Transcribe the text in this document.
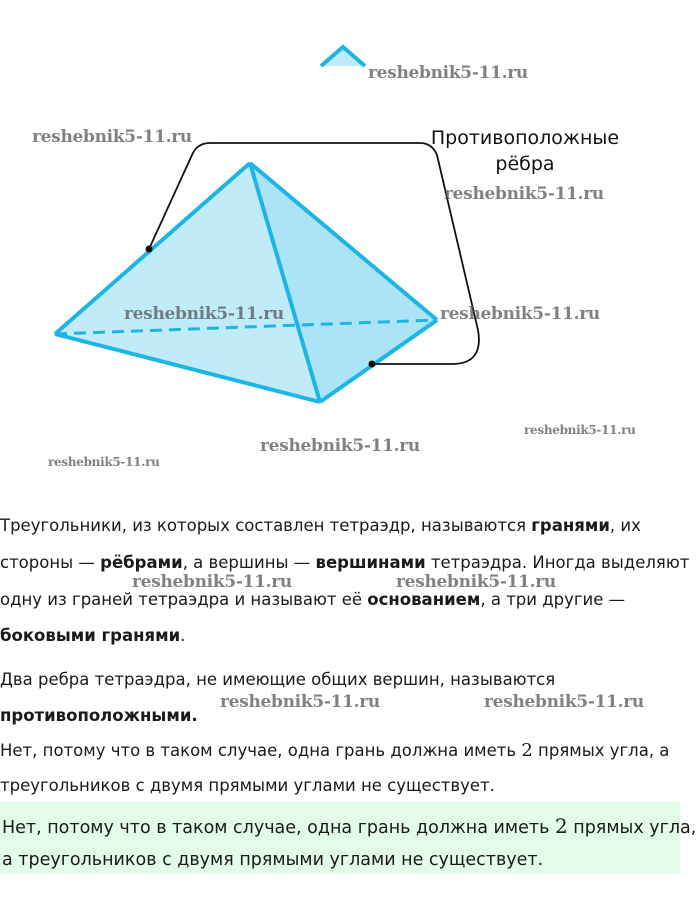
Противоположные
рёбра
reshebnik5-11.ru
reshebnik5-11.ru
reshebnik5-11.ru
reshebnik5-11.ru	reshebnik5-11.ru
reshebnik5-11.ru
reshebnik5-11.ru
reshebnik5-11.ru
Треугольники, из которых составлен тетраэдр, называются гранями, их
стороны — рёбрами, а вершины — вершинами тетраэдра. Иногда выделяют
одну из граней тетраэдра и называют её основанием, а три другие —
боковыми гранями.
reshebnik5-11.ru	reshebnik5-11.ru
Два ребра тетраэдра, не имеющие общих вершин, называются
противоположными.
reshebnik5-11.ru	reshebnik5-11.ru
Нет, потому что в таком случае, одна грань должна иметь 2 прямых угла, а
треугольников с двумя прямыми углами не существует.
Нет, потому что в таком случае, одна грань должна иметь 2 прямых угла,
а треугольников с двумя прямыми углами не существует.
